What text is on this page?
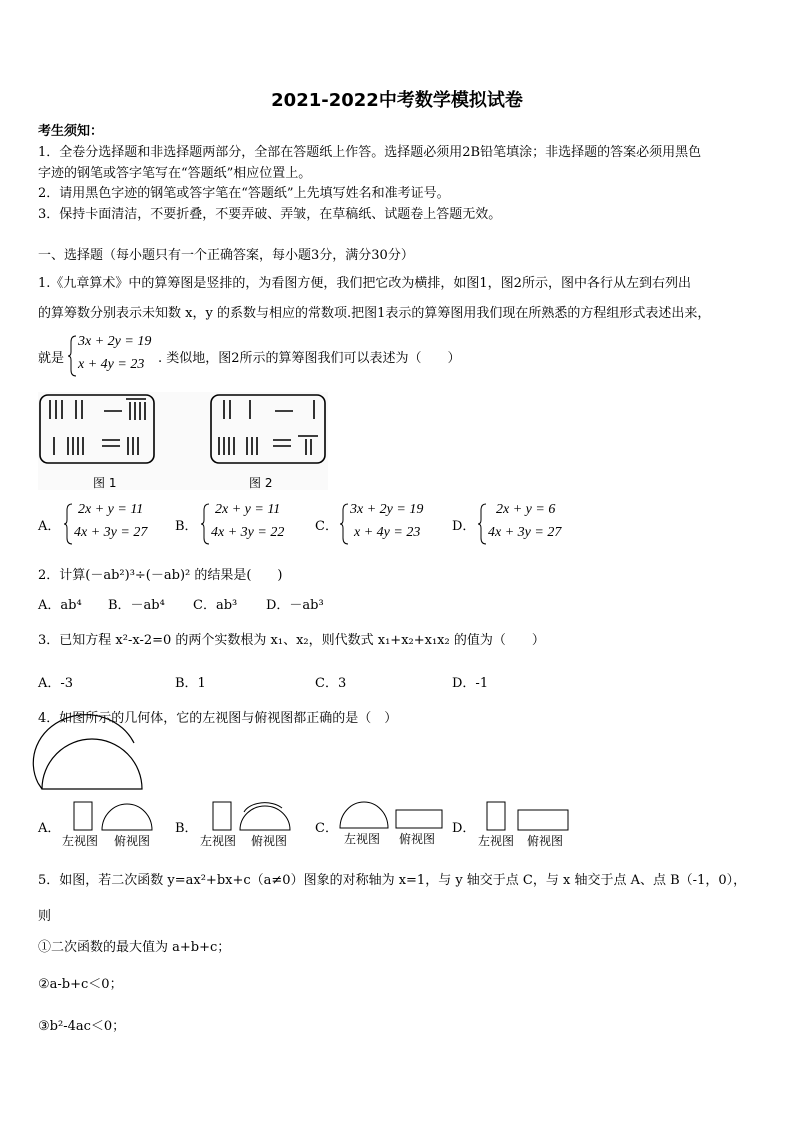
2021-2022中考数学模拟试卷
考生须知：
1．全卷分选择题和非选择题两部分，全部在答题纸上作答。选择题必须用2B铅笔填涂；非选择题的答案必须用黑色
字迹的钢笔或答字笔写在“答题纸”相应位置上。
2．请用黑色字迹的钢笔或答字笔在“答题纸”上先填写姓名和准考证号。
3．保持卡面清洁，不要折叠，不要弄破、弄皱，在草稿纸、试题卷上答题无效。
一、选择题（每小题只有一个正确答案，每小题3分，满分30分）
1.《九章算术》中的算筹图是竖排的，为看图方便，我们把它改为横排，如图1，图2所示，图中各行从左到右列出
的算筹数分别表示未知数 x，y 的系数与相应的常数项.把图1表示的算筹图用我们现在所熟悉的方程组形式表述出来，
就是
3x + 2y = 19
x + 4y = 23 . 类似地，图2所示的算筹图我们可以表述为（　　）
图 1	图 2
A．
2x + y = 11
4x + 3y = 27 B．
2x + y = 11
4x + 3y = 22 C．
3x + 2y = 19
x + 4y = 23 D．
2x + y = 6
4x + 3y = 27
2．计算(－ab²)³÷(－ab)² 的结果是(　　)
A．ab⁴ B．－ab⁴ C．ab³ D．－ab³
3．已知方程 x²-x-2=0 的两个实数根为 x₁、x₂，则代数式 x₁+x₂+x₁x₂ 的值为（　　）
A．-3	B．1	C．3	D．-1
4．如图所示的几何体，它的左视图与俯视图都正确的是（　）
A．
左视图 俯视图
B．
左视图 俯视图
C．
左视图 俯视图
D．
左视图 俯视图
5．如图，若二次函数 y=ax²+bx+c（a≠0）图象的对称轴为 x=1，与 y 轴交于点 C，与 x 轴交于点 A、点 B（-1，0），
则
①二次函数的最大值为 a+b+c；
②a-b+c＜0；
③b²-4ac＜0；
